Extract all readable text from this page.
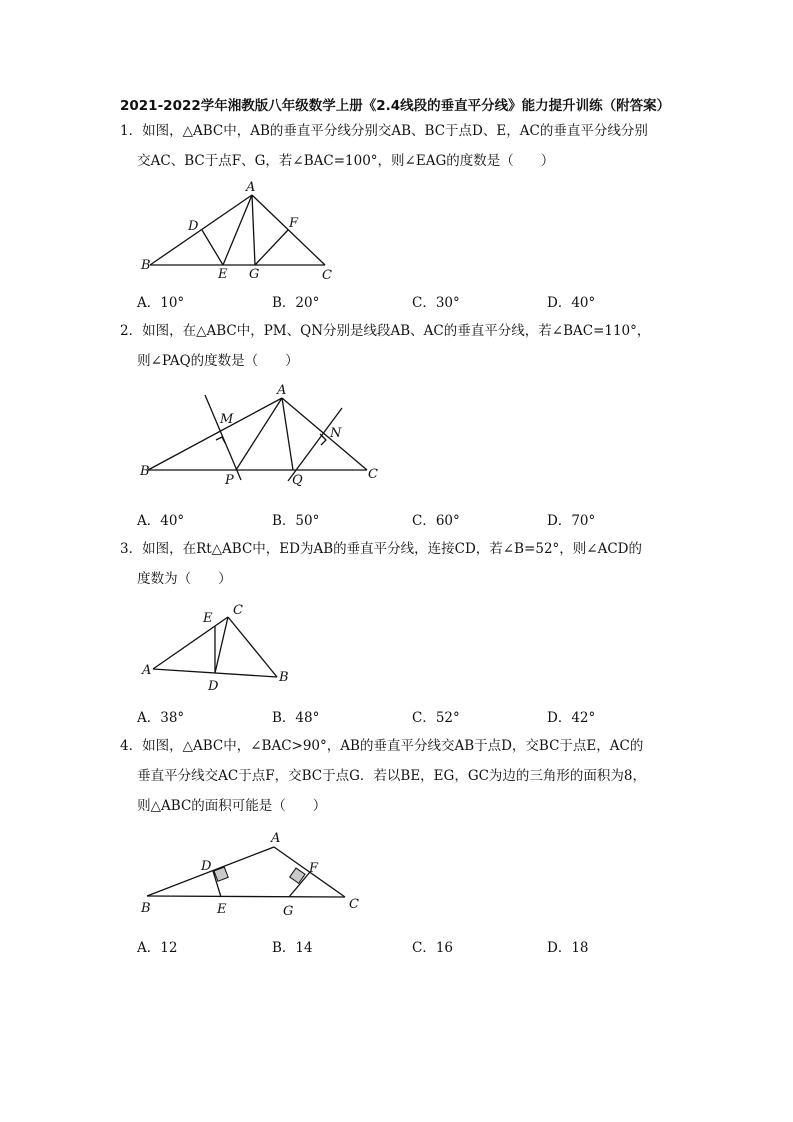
2021-2022学年湘教版八年级数学上册《2.4线段的垂直平分线》能力提升训练（附答案）
1．如图，△ABC中，AB的垂直平分线分别交AB、BC于点D、E，AC的垂直平分线分别
交AC、BC于点F、G，若∠BAC=100°，则∠EAG的度数是（　　）
A
B
C
D
E
F
G
A．10°	B．20°	C．30°	D．40°
2．如图，在△ABC中，PM、QN分别是线段AB、AC的垂直平分线，若∠BAC=110°，
则∠PAQ的度数是（　　）
A
B	C
M
N
P	Q
A．40°	B．50°	C．60°	D．70°
3．如图，在Rt△ABC中，ED为AB的垂直平分线，连接CD，若∠B=52°，则∠ACD的
度数为（　　）
A	B
C
D
E
A．38°	B．48°	C．52°	D．42°
4．如图，△ABC中，∠BAC>90°，AB的垂直平分线交AB于点D，交BC于点E，AC的
垂直平分线交AC于点F，交BC于点G．若以BE，EG，GC为边的三角形的面积为8，
则△ABC的面积可能是（　　）
A
B	C
D
E
F
G
A．12	B．14	C．16	D．18
